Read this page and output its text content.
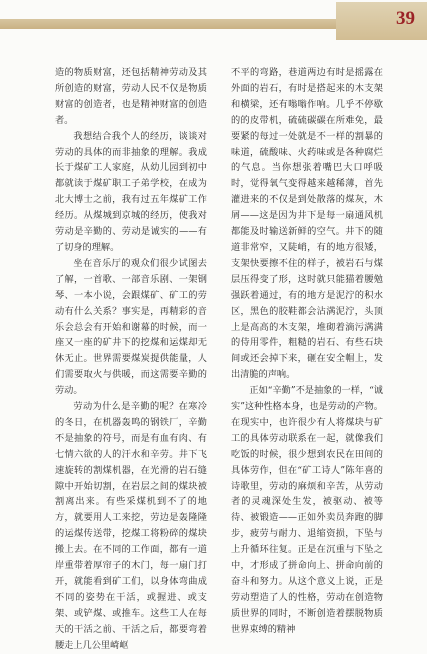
39

造的物质财富，还包括精神劳动及其所创造的财富，劳动人民不仅是物质财富的创造者，也是精神财富的创造者。

我想结合我个人的经历，谈谈对劳动的具体的而非抽象的理解。我成长于煤矿工人家庭，从幼儿园到初中都就读于煤矿职工子弟学校，在成为北大博士之前，我有过五年煤矿工作经历。从煤城到京城的经历，使我对劳动是辛勤的、劳动是诚实的——有了切身的理解。

坐在音乐厅的观众们很少试图去了解，一首歌、一部音乐剧、一架钢琴、一本小说，会跟煤矿、矿工的劳动有什么关系？事实是，再精彩的音乐会总会有开始和谢幕的时候，而一座又一座的矿井下的挖煤和运煤却无休无止。世界需要煤炭提供能量，人们需要取火与供暖，而这需要辛勤的劳动。

劳动为什么是辛勤的呢？在寒冷的冬日，在机器轰鸣的钢铁厂，辛勤不是抽象的符号，而是有血有肉、有七情六欲的人的汗水和辛劳。井下飞速旋转的割煤机器，在光滑的岩石缝隙中开始切割，在岩层之间的煤块被割离出来。有些采煤机到不了的地方，就要用人工来挖，劳边是轰隆隆的运煤传送带，挖煤工将粉碎的煤块搬上去。在不同的工作面，都有一道岸重带着厚帘子的木门，每一扇门打开，就能看到矿工们，以身体弯曲成不同的姿势在干活，或握进、或支架、或铲煤、或推车。这些工人在每天的干活之前、干活之后，都要弯着腰走上几公里崎岖

不平的弯路，巷道两边有时是摇露在外面的岩石，有时是搭起来的木支架和横梁，还有嗡嗡作响。几乎不停歇的的皮带机，硫硫碳碳在所难免，最要紧的每过一处就是不一样的割暴的味道，硫酸味、火药味或是各种腐烂的气息。当你想张着嘴巴大口呼吸时，觉得氧气变得越来越稀薄，首先灌进来的不仅是到处散落的煤灰，木屑——这是因为井下是每一扇通风机都能及时输送新鲜的空气。井下的随道非常窄，又陡峭，有的地方很矮，支架快要擦不住的样子，被岩石与煤层压得变了形，这时就只能猫着腰勉强跃着通过，有的地方是泥泞的积水区，黑色的胶鞋都会沾满泥泞，头顶上是高高的木支架，堆砌着滴污满满的侍用零件，粗糙的岩石、有些石块间或还会掉下来，砸在安全帽上，发出清脆的声响。

正如“辛勤”不是抽象的一样，“诚实”这种性格本身，也是劳动的产物。在现实中，也许很少有人将煤块与矿工的具体劳动联系在一起，就像我们吃饭的时候，很少想到农民在田间的具体劳作，但在“矿工诗人”陈年喜的诗歌里，劳动的麻烦和辛苦，从劳动者的灵魂深处生发，被驱动、被等待、被锻造——正如外卖员奔跑的脚步，疲劳与耐力、退缩资损，下坠与上升循环往复。正是在沉重与下坠之中，才形成了拼命向上、拼命向前的奋斗和努力。从这个意义上说，正是劳动塑造了人的性格，劳动在创造物质世界的同时，不断创造着摆脱物质世界束缚的精神
